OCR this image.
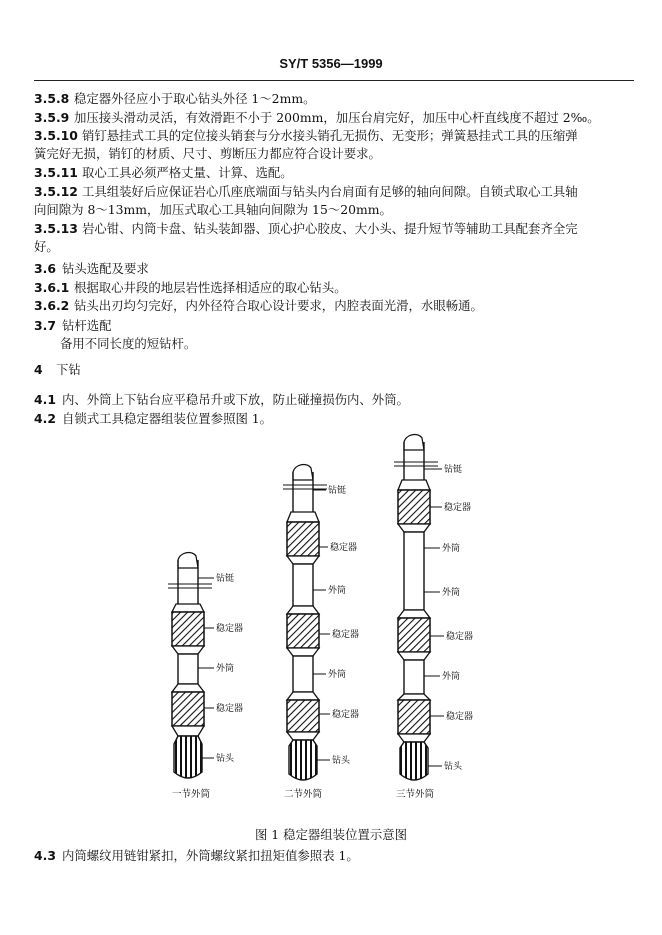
SY/T 5356—1999
3.5.8 稳定器外径应小于取心钻头外径 1～2mm。
3.5.9 加压接头滑动灵活，有效滑距不小于 200mm，加压台肩完好，加压中心杆直线度不超过 2‰。
3.5.10 销钉悬挂式工具的定位接头销套与分水接头销孔无损伤、无变形；弹簧悬挂式工具的压缩弹
簧完好无损，销钉的材质、尺寸、剪断压力都应符合设计要求。
3.5.11 取心工具必须严格丈量、计算、选配。
3.5.12 工具组装好后应保证岩心爪座底端面与钻头内台肩面有足够的轴向间隙。自锁式取心工具轴
向间隙为 8～13mm，加压式取心工具轴向间隙为 15～20mm。
3.5.13 岩心钳、内筒卡盘、钻头装卸器、顶心护心胶皮、大小头、提升短节等辅助工具配套齐全完
好。
3.6 钻头选配及要求
3.6.1 根据取心井段的地层岩性选择相适应的取心钻头。
3.6.2 钻头出刃均匀完好，内外径符合取心设计要求，内腔表面光滑，水眼畅通。
3.7 钻杆选配
备用不同长度的短钻杆。
4 下钻
4.1 内、外筒上下钻台应平稳吊升或下放，防止碰撞损伤内、外筒。
4.2 自锁式工具稳定器组装位置参照图 1。
钻铤
稳定器
外筒
稳定器
钻头
一节外筒
钻铤
稳定器
外筒
稳定器
外筒
稳定器
钻头
二节外筒
钻铤
稳定器
外筒
外筒
稳定器
外筒
稳定器
钻头
三节外筒
图 1 稳定器组装位置示意图
4.3 内筒螺纹用链钳紧扣，外筒螺纹紧扣扭矩值参照表 1。
